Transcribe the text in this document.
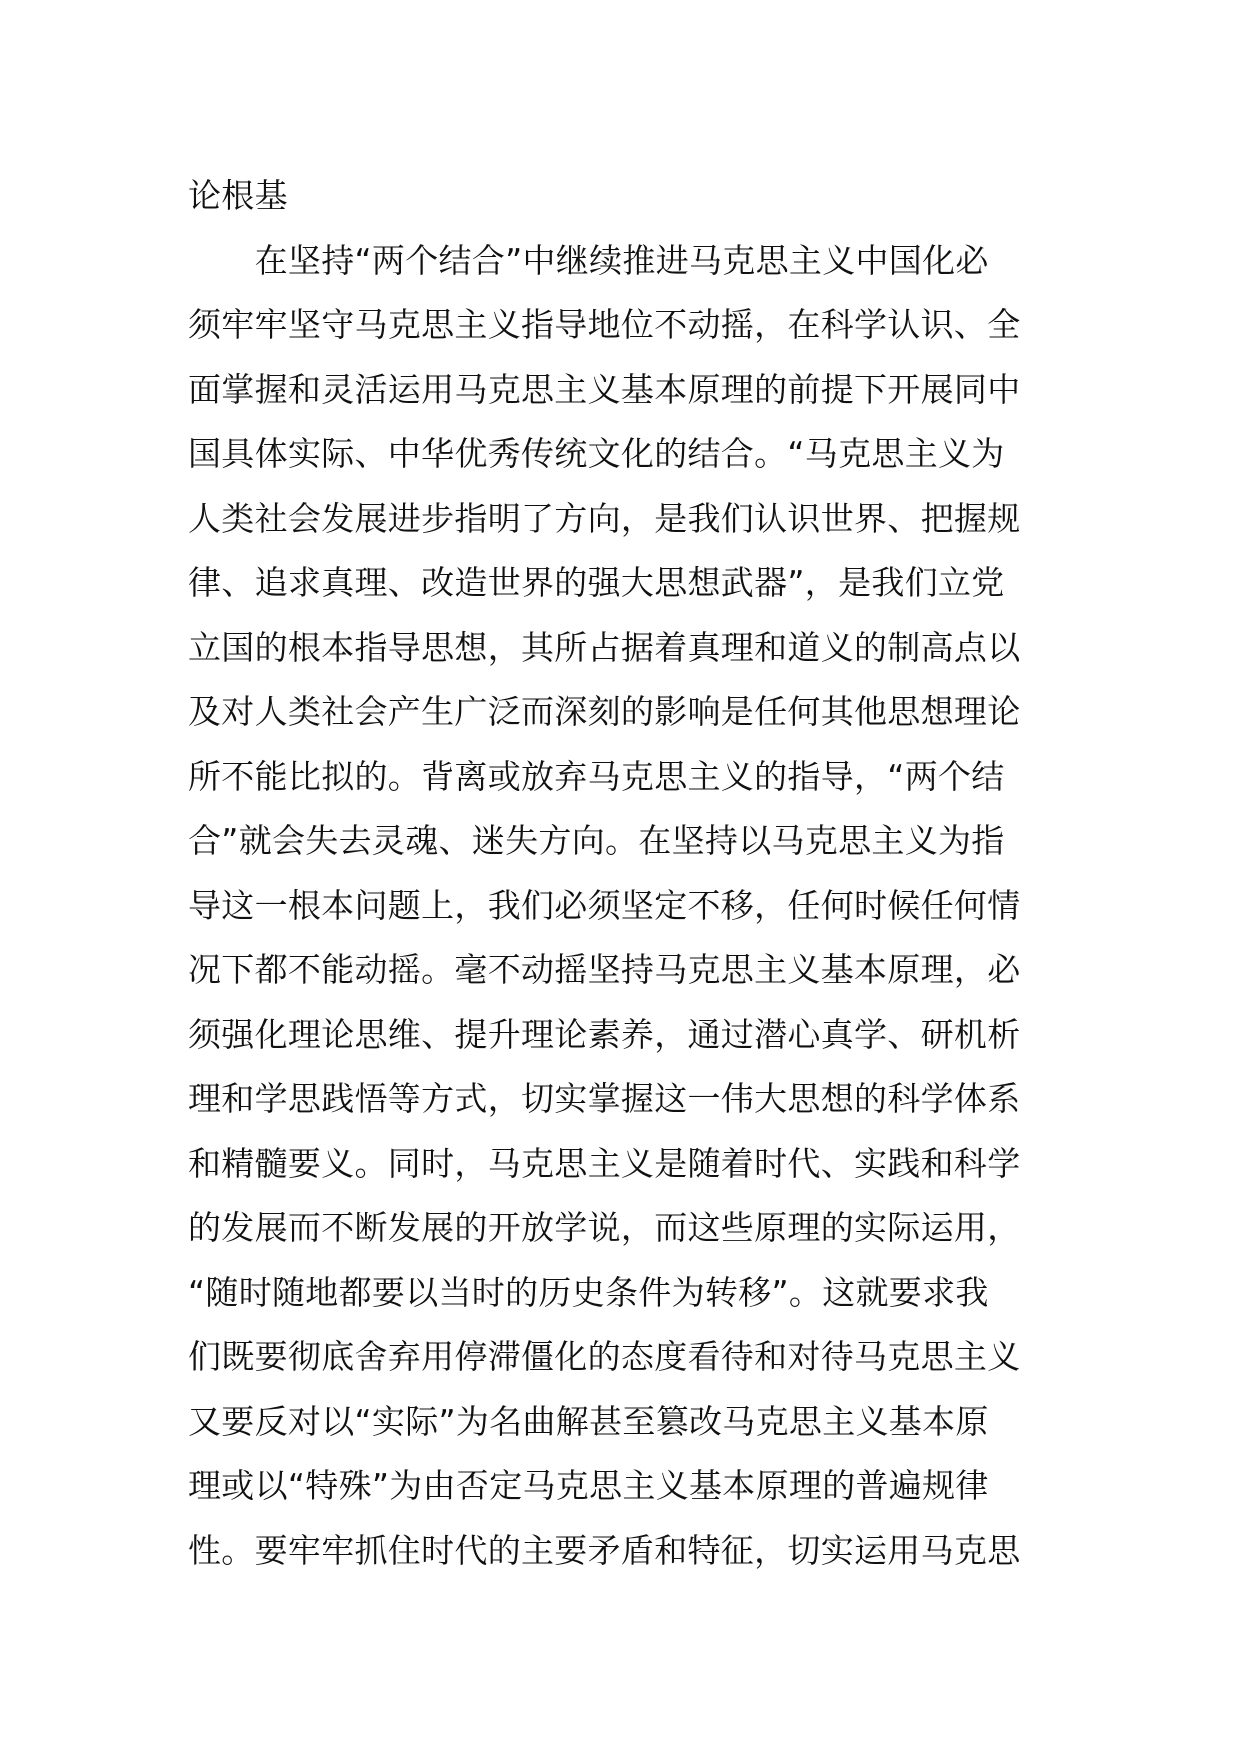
论根基
　　在坚持“两个结合”中继续推进马克思主义中国化必
须牢牢坚守马克思主义指导地位不动摇，在科学认识、全
面掌握和灵活运用马克思主义基本原理的前提下开展同中
国具体实际、中华优秀传统文化的结合。“马克思主义为
人类社会发展进步指明了方向，是我们认识世界、把握规
律、追求真理、改造世界的强大思想武器”，是我们立党
立国的根本指导思想，其所占据着真理和道义的制高点以
及对人类社会产生广泛而深刻的影响是任何其他思想理论
所不能比拟的。背离或放弃马克思主义的指导，“两个结
合”就会失去灵魂、迷失方向。在坚持以马克思主义为指
导这一根本问题上，我们必须坚定不移，任何时候任何情
况下都不能动摇。毫不动摇坚持马克思主义基本原理，必
须强化理论思维、提升理论素养，通过潜心真学、研机析
理和学思践悟等方式，切实掌握这一伟大思想的科学体系
和精髓要义。同时，马克思主义是随着时代、实践和科学
的发展而不断发展的开放学说，而这些原理的实际运用，
“随时随地都要以当时的历史条件为转移”。这就要求我
们既要彻底舍弃用停滞僵化的态度看待和对待马克思主义
又要反对以“实际”为名曲解甚至篡改马克思主义基本原
理或以“特殊”为由否定马克思主义基本原理的普遍规律
性。要牢牢抓住时代的主要矛盾和特征，切实运用马克思
